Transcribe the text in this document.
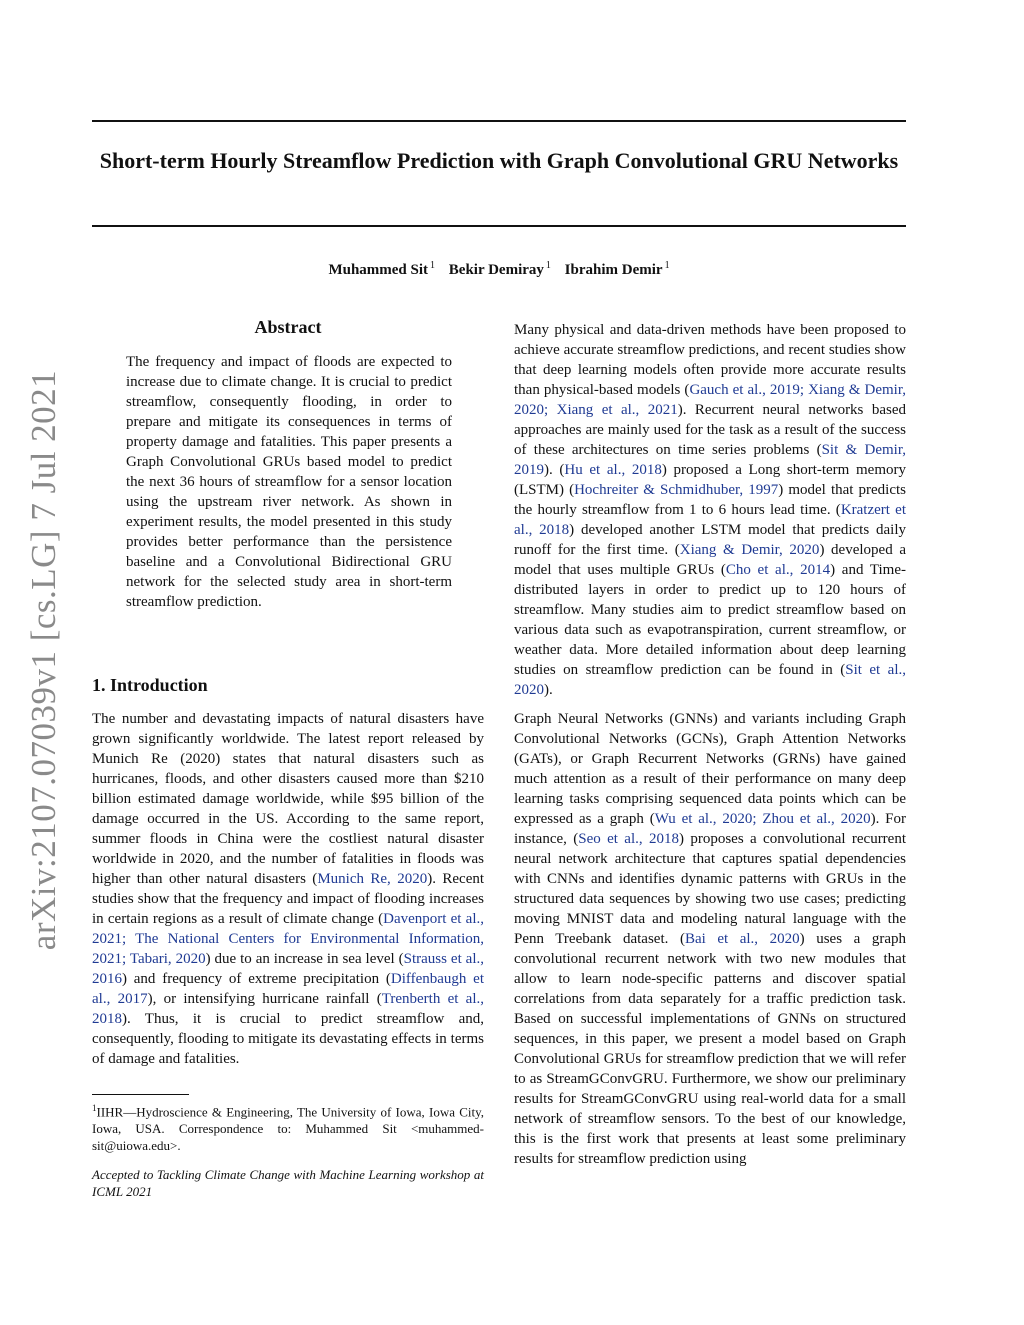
Short-term Hourly Streamflow Prediction with Graph Convolutional GRU Networks
Muhammed Sit $^1$ Bekir Demiray $^1$ Ibrahim Demir $^1$
arXiv:2107.07039v1 [cs.LG] 7 Jul 2021
Abstract
The frequency and impact of floods are expected to increase due to climate change. It is crucial to predict streamflow, consequently flooding, in order to prepare and mitigate its consequences in terms of property damage and fatalities. This paper presents a Graph Convolutional GRUs based model to predict the next 36 hours of streamflow for a sensor location using the upstream river network. As shown in experiment results, the model presented in this study provides better performance than the persistence baseline and a Convolutional Bidirectional GRU network for the selected study area in short-term streamflow prediction.
1. Introduction

The number and devastating impacts of natural disasters have grown significantly worldwide. The latest report released by Munich Re (2020) states that natural disasters such as hurricanes, floods, and other disasters caused more than $210 billion estimated damage worldwide, while $95 billion of the damage occurred in the US. According to the same report, summer floods in China were the costliest natural disaster worldwide in 2020, and the number of fatalities in floods was higher than other natural disasters (Munich Re, 2020). Recent studies show that the frequency and impact of flooding increases in certain regions as a result of climate change (Davenport et al., 2021; The National Centers for Environmental Information, 2021; Tabari, 2020) due to an increase in sea level (Strauss et al., 2016) and frequency of extreme precipitation (Diffenbaugh et al., 2017), or intensifying hurricane rainfall (Trenberth et al., 2018). Thus, it is crucial to predict streamflow and, consequently, flooding to mitigate its devastating effects in terms of damage and fatalities.

Many physical and data-driven methods have been proposed to achieve accurate streamflow predictions, and recent studies show that deep learning models often provide more accurate results than physical-based models (Gauch et al., 2019; Xiang & Demir, 2020; Xiang et al., 2021). Recurrent neural networks based approaches are mainly used for the task as a result of the success of these architectures on time series problems (Sit & Demir, 2019). (Hu et al., 2018) proposed a Long short-term memory (LSTM) (Hochreiter & Schmidhuber, 1997) model that predicts the hourly streamflow from 1 to 6 hours lead time. (Kratzert et al., 2018) developed another LSTM model that predicts daily runoff for the first time. (Xiang & Demir, 2020) developed a model that uses multiple GRUs (Cho et al., 2014) and Time-distributed layers in order to predict up to 120 hours of streamflow. Many studies aim to predict streamflow based on various data such as evapotranspiration, current streamflow, or weather data. More detailed information about deep learning studies on streamflow prediction can be found in (Sit et al., 2020).

Graph Neural Networks (GNNs) and variants including Graph Convolutional Networks (GCNs), Graph Attention Networks (GATs), or Graph Recurrent Networks (GRNs) have gained much attention as a result of their performance on many deep learning tasks comprising sequenced data points which can be expressed as a graph (Wu et al., 2020; Zhou et al., 2020). For instance, (Seo et al., 2018) proposes a convolutional recurrent neural network architecture that captures spatial dependencies with CNNs and identifies dynamic patterns with GRUs in the structured data sequences by showing two use cases; predicting moving MNIST data and modeling natural language with the Penn Treebank dataset. (Bai et al., 2020) uses a graph convolutional recurrent network with two new modules that allow to learn node-specific patterns and discover spatial correlations from data separately for a traffic prediction task. Based on successful implementations of GNNs on structured sequences, in this paper, we present a model based on Graph Convolutional GRUs for streamflow prediction that we will refer to as StreamGConvGRU. Furthermore, we show our preliminary results for StreamGConvGRU using real-world data for a small network of streamflow sensors. To the best of our knowledge, this is the first work that presents at least some preliminary results for streamflow prediction using

$^1$IIHR—Hydroscience & Engineering, The University of Iowa, Iowa City, Iowa, USA. Correspondence to: Muhammed Sit <muhammed-sit@uiowa.edu>.
Accepted to Tackling Climate Change with Machine Learning workshop at ICML 2021
